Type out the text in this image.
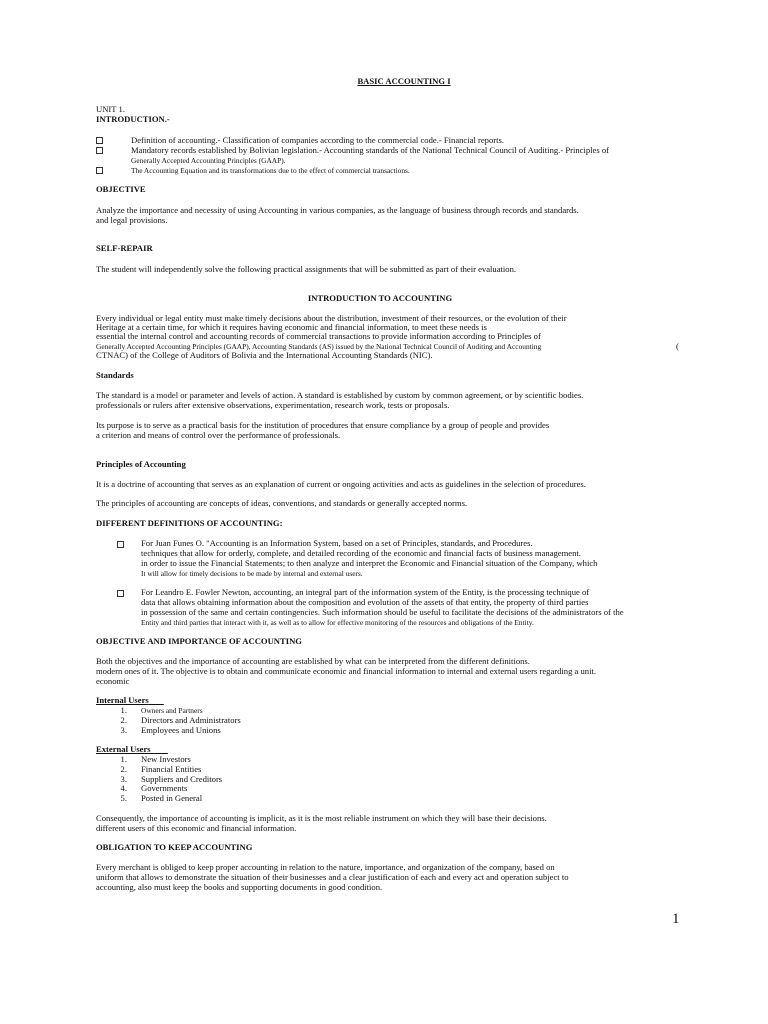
BASIC ACCOUNTING I
UNIT 1.
INTRODUCTION.-
Definition of accounting.- Classification of companies according to the commercial code.- Financial reports.
Mandatory records established by Bolivian legislation.- Accounting standards of the National Technical Council of Auditing.- Principles of
Generally Accepted Accounting Principles (GAAP).
The Accounting Equation and its transformations due to the effect of commercial transactions.
OBJECTIVE
Analyze the importance and necessity of using Accounting in various companies, as the language of business through records and standards.
and legal provisions.
SELF-REPAIR
The student will independently solve the following practical assignments that will be submitted as part of their evaluation.
INTRODUCTION TO ACCOUNTING
Every individual or legal entity must make timely decisions about the distribution, investment of their resources, or the evolution of their
Heritage at a certain time, for which it requires having economic and financial information, to meet these needs is
essential the internal control and accounting records of commercial transactions to provide information according to Principles of
Generally Accepted Accounting Principles (GAAP), Accounting Standards (AS) issued by the National Technical Council of Auditing and Accounting	(
CTNAC) of the College of Auditors of Bolivia and the International Accounting Standards (NIC).
Standards
The standard is a model or parameter and levels of action. A standard is established by custom by common agreement, or by scientific bodies.
professionals or rulers after extensive observations, experimentation, research work, tests or proposals.
Its purpose is to serve as a practical basis for the institution of procedures that ensure compliance by a group of people and provides
a criterion and means of control over the performance of professionals.
Principles of Accounting
It is a doctrine of accounting that serves as an explanation of current or ongoing activities and acts as guidelines in the selection of procedures.
The principles of accounting are concepts of ideas, conventions, and standards or generally accepted norms.
DIFFERENT DEFINITIONS OF ACCOUNTING:
For Juan Funes O. "Accounting is an Information System, based on a set of Principles, standards, and Procedures.
techniques that allow for orderly, complete, and detailed recording of the economic and financial facts of business management.
in order to issue the Financial Statements; to then analyze and interpret the Economic and Financial situation of the Company, which
It will allow for timely decisions to be made by internal and external users.
For Leandro E. Fowler Newton, accounting, an integral part of the information system of the Entity, is the processing technique of
data that allows obtaining information about the composition and evolution of the assets of that entity, the property of third parties
in possession of the same and certain contingencies. Such information should be useful to facilitate the decisions of the administrators of the
Entity and third parties that interact with it, as well as to allow for effective monitoring of the resources and obligations of the Entity.
OBJECTIVE AND IMPORTANCE OF ACCOUNTING
Both the objectives and the importance of accounting are established by what can be interpreted from the different definitions.
modern ones of it. The objective is to obtain and communicate economic and financial information to internal and external users regarding a unit.
economic
Internal Users
1. Owners and Partners
2. Directors and Administrators
3. Employees and Unions
External Users
1. New Investors
2. Financial Entities
3. Suppliers and Creditors
4. Governments
5. Posted in General
Consequently, the importance of accounting is implicit, as it is the most reliable instrument on which they will base their decisions.
different users of this economic and financial information.
OBLIGATION TO KEEP ACCOUNTING
Every merchant is obliged to keep proper accounting in relation to the nature, importance, and organization of the company, based on
uniform that allows to demonstrate the situation of their businesses and a clear justification of each and every act and operation subject to
accounting, also must keep the books and supporting documents in good condition.
1
